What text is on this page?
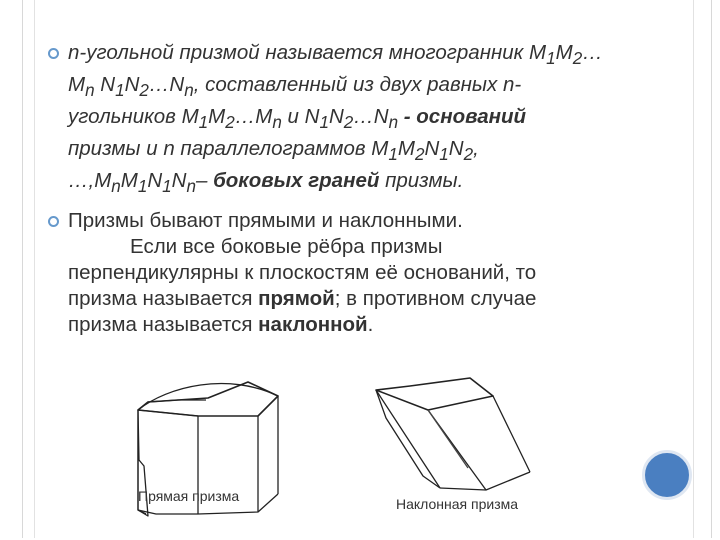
n-угольной призмой называется многогранник $M_1M_2\dots M_n$ $N_1N_2\dots N_n$, составленный из двух равных n-угольников $M_1M_2\dots M_n$ и $N_1N_2\dots N_n$ - оснований призмы и n параллелограммов $M_1M_2N_1N_2$, $\dots,M_nM_1N_1N_n-$ боковых граней призмы.
Призмы бывают прямыми и наклонными.
Если все боковые рёбра призмы перпендикулярны к плоскостям её оснований, то призма называется прямой; в противном случае призма называется наклонной.
Прямая призма	Наклонная призма
